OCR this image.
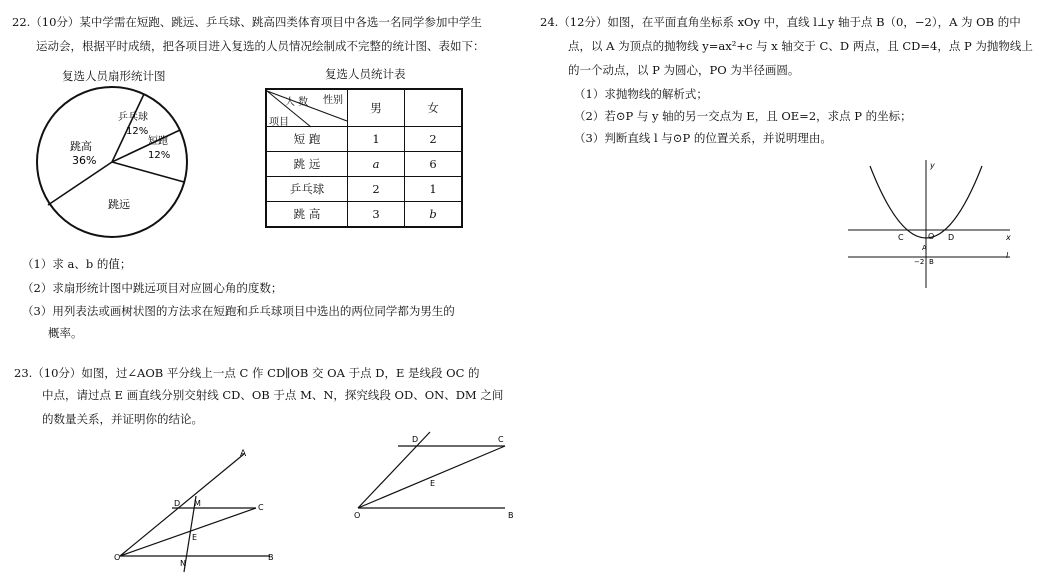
22.（10分）某中学需在短跑、跳远、乒乓球、跳高四类体育项目中各选一名同学参加中学生
运动会，根据平时成绩，把各项目进入复选的人员情况绘制成不完整的统计图、表如下：
复选人员扇形统计图	复选人员统计表
乒乓球
12%
短跑
12%
跳高
36%
跳远
人 数 性别
项目	男	女
短 跑	1	2
跳 远	a	6
乒乓球	2	1
跳 高	3	b
（1）求 a、b 的值；
（2）求扇形统计图中跳远项目对应圆心角的度数；
（3）用列表法或画树状图的方法求在短跑和乒乓球项目中选出的两位同学都为男生的
概率。
23.（10分）如图，过∠AOB 平分线上一点 C 作 CD∥OB 交 OA 于点 D，E 是线段 OC 的
中点，请过点 E 画直线分别交射线 CD、OB 于点 M、N，探究线段 OD、ON、DM 之间
的数量关系，并证明你的结论。
A
D M	C
E
O
N
B
D	C
E
O	B
24.（12分）如图，在平面直角坐标系 xOy 中，直线 l⊥y 轴于点 B（0，−2），A 为 OB 的中
点，以 A 为顶点的抛物线 y=ax²+c 与 x 轴交于 C、D 两点，且 CD=4，点 P 为抛物线上
的一个动点，以 P 为圆心，PO 为半径画圆。
（1）求抛物线的解析式；
（2）若⊙P 与 y 轴的另一交点为 E，且 OE=2，求点 P 的坐标；
（3）判断直线 l 与⊙P 的位置关系，并说明理由。
y
x
C	O D
A
−2 B
l
